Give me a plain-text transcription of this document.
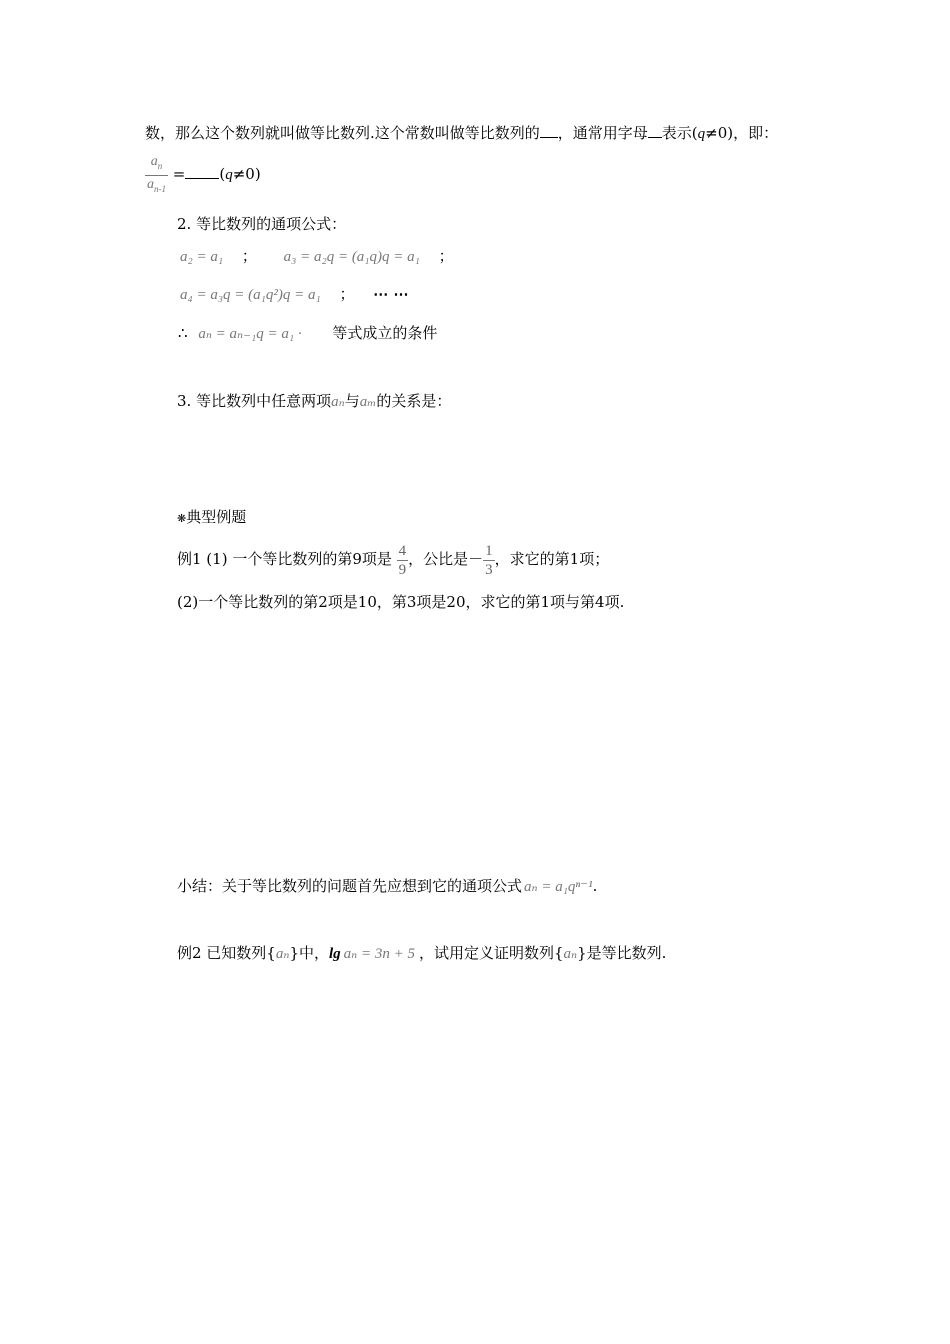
数，那么这个数列就叫做等比数列.这个常数叫做等比数列的 ，通常用字母 表示(q≠0)，即：
$\frac{a_n}{a_{n-1}} = (q\ne 0)$
2. 等比数列的通项公式：
a₂ = a₁ ； a₃ = a₂q = (a₁q)q = a₁ ；
a₄ = a₃q = (a₁q²)q = a₁ ； ⋯ ⋯
∴ aₙ = aₙ₋₁q = a₁ · 等式成立的条件
3. 等比数列中任意两项aₙ与aₘ的关系是：
❋典型例题
例1 (1) 一个等比数列的第9项是 $\frac{4}{9}$ ，公比是－ $\frac{1}{3}$ ，求它的第1项；
(2)一个等比数列的第2项是10，第3项是20，求它的第1项与第4项.
小结：关于等比数列的问题首先应想到它的通项公式 aₙ = a₁qⁿ⁻¹.
例2 已知数列{aₙ}中，lg aₙ = 3n + 5 ，试用定义证明数列{aₙ}是等比数列.
